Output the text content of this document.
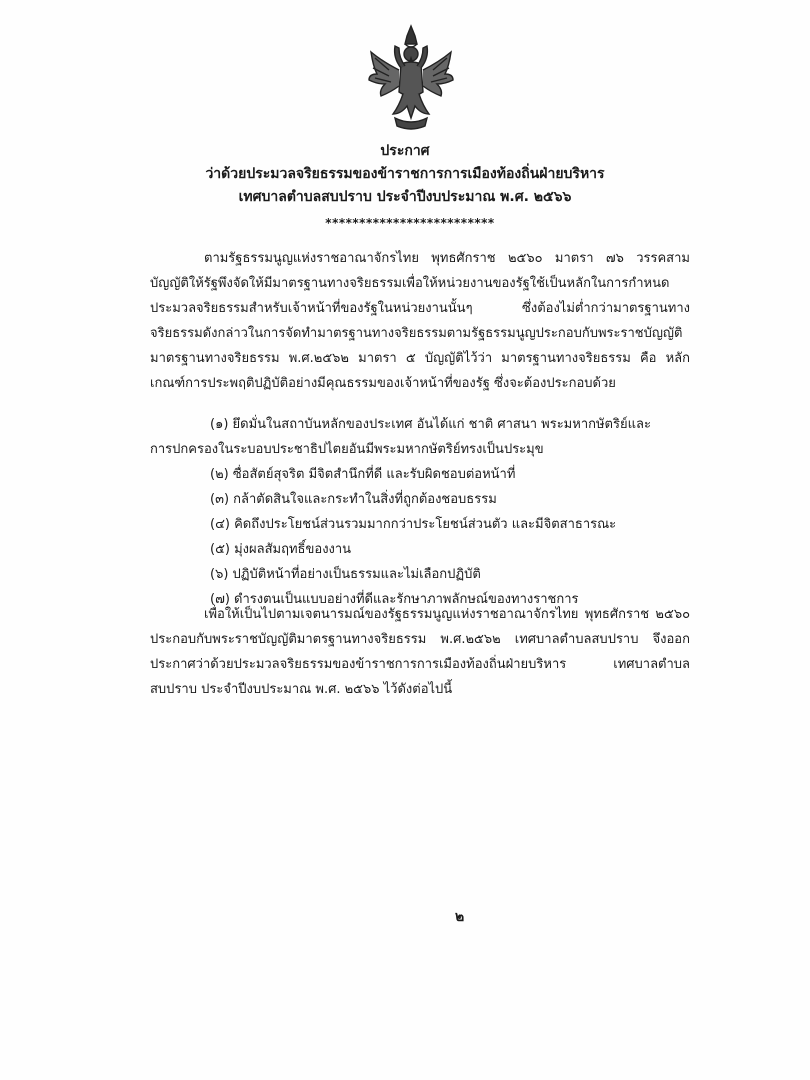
ประกาศ
ว่าด้วยประมวลจริยธรรมของข้าราชการการเมืองท้องถิ่นฝ่ายบริหาร
เทศบาลตำบลสบปราบ ประจำปีงบประมาณ พ.ศ. ๒๕๖๖
*************************
ตามรัฐธรรมนูญแห่งราชอาณาจักรไทย พุทธศักราช ๒๕๖๐ มาตรา ๗๖ วรรคสาม บัญญัติให้รัฐพึงจัดให้มีมาตรฐานทางจริยธรรมเพื่อให้หน่วยงานของรัฐใช้เป็นหลักในการกำหนดประมวลจริยธรรมสำหรับเจ้าหน้าที่ของรัฐในหน่วยงานนั้นๆ ซึ่งต้องไม่ต่ำกว่ามาตรฐานทางจริยธรรมดังกล่าวในการจัดทำมาตรฐานทางจริยธรรมตามรัฐธรรมนูญประกอบกับพระราชบัญญัติมาตรฐานทางจริยธรรม พ.ศ.๒๕๖๒ มาตรา ๕ บัญญัติไว้ว่า มาตรฐานทางจริยธรรม คือ หลักเกณฑ์การประพฤติปฏิบัติอย่างมีคุณธรรมของเจ้าหน้าที่ของรัฐ ซึ่งจะต้องประกอบด้วย
(๑) ยึดมั่นในสถาบันหลักของประเทศ อันได้แก่ ชาติ ศาสนา พระมหากษัตริย์และ
การปกครองในระบอบประชาธิปไตยอันมีพระมหากษัตริย์ทรงเป็นประมุข
(๒) ซื่อสัตย์สุจริต มีจิตสำนึกที่ดี และรับผิดชอบต่อหน้าที่
(๓) กล้าตัดสินใจและกระทำในสิ่งที่ถูกต้องชอบธรรม
(๔) คิดถึงประโยชน์ส่วนรวมมากกว่าประโยชน์ส่วนตัว และมีจิตสาธารณะ
(๕) มุ่งผลสัมฤทธิ์ของงาน
(๖) ปฏิบัติหน้าที่อย่างเป็นธรรมและไม่เลือกปฏิบัติ
(๗) ดำรงตนเป็นแบบอย่างที่ดีและรักษาภาพลักษณ์ของทางราชการ
เพื่อให้เป็นไปตามเจตนารมณ์ของรัฐธรรมนูญแห่งราชอาณาจักรไทย พุทธศักราช ๒๕๖๐ ประกอบกับพระราชบัญญัติมาตรฐานทางจริยธรรม พ.ศ.๒๕๖๒ เทศบาลตำบลสบปราบ จึงออกประกาศว่าด้วยประมวลจริยธรรมของข้าราชการการเมืองท้องถิ่นฝ่ายบริหาร เทศบาลตำบลสบปราบ ประจำปีงบประมาณ พ.ศ. ๒๕๖๖ ไว้ดังต่อไปนี้
๒
